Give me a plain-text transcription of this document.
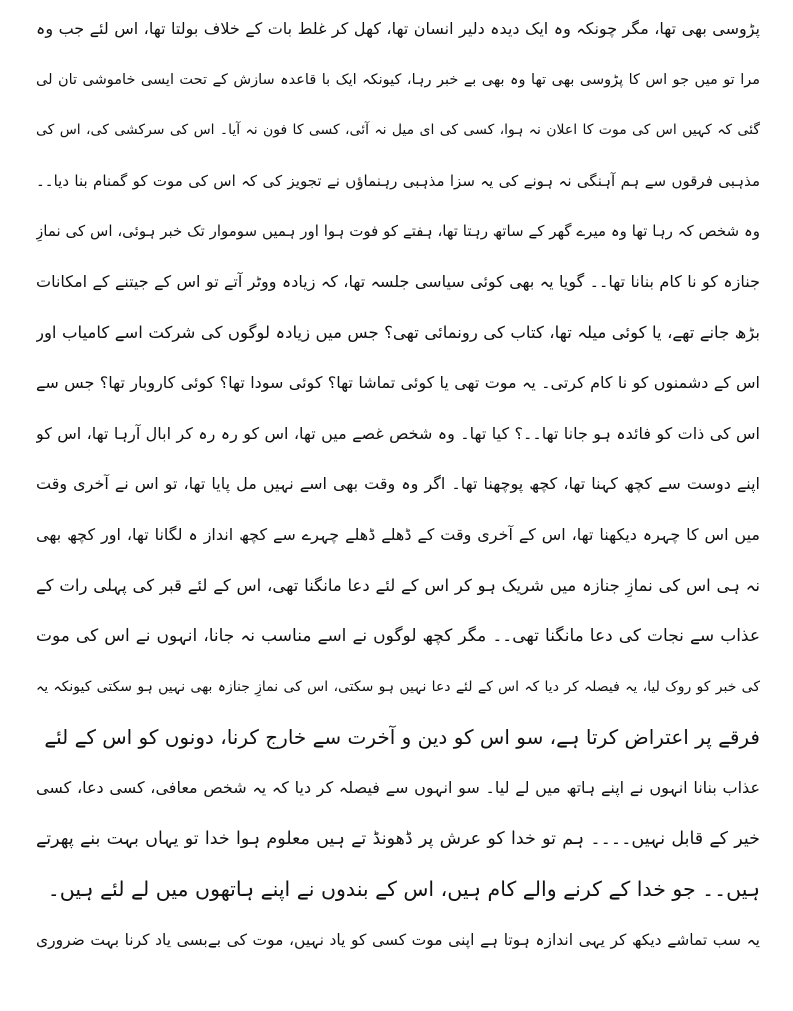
پڑوسی بھی تھا، مگر چونکہ وہ ایک دیدہ دلیر انسان تھا، کھل کر غلط بات کے خلاف بولتا تھا، اس لئے جب وہ
مرا تو میں جو اس کا پڑوسی بھی تھا وہ بھی بے خبر رہا، کیونکہ ایک با قاعدہ سازش کے تحت ایسی خاموشی تان لی
گئی کہ کہیں اس کی موت کا اعلان نہ ہوا، کسی کی ای میل نہ آئی، کسی کا فون نہ آیا۔ اس کی سرکشی کی، اس کی
مذہبی فرقوں سے ہم آہنگی نہ ہونے کی یہ سزا مذہبی رہنماؤں نے تجویز کی کہ اس کی موت کو گمنام بنا دیا۔۔
وہ شخص کہ رہا تھا وہ میرے گھر کے ساتھ رہتا تھا، ہفتے کو فوت ہوا اور ہمیں سوموار تک خبر ہوئی، اس کی نمازِ
جنازہ کو نا کام بنانا تھا۔۔ گویا یہ بھی کوئی سیاسی جلسہ تھا، کہ زیادہ ووٹر آتے تو اس کے جیتنے کے امکانات
بڑھ جانے تھے، یا کوئی میلہ تھا، کتاب کی رونمائی تھی؟ جس میں زیادہ لوگوں کی شرکت اسے کامیاب اور
اس کے دشمنوں کو نا کام کرتی۔ یہ موت تھی یا کوئی تماشا تھا؟ کوئی سودا تھا؟ کوئی کاروبار تھا؟ جس سے
اس کی ذات کو فائدہ ہو جانا تھا۔۔؟ کیا تھا۔ وہ شخص غصے میں تھا، اس کو رہ رہ کر ابال آرہا تھا، اس کو
اپنے دوست سے کچھ کہنا تھا، کچھ پوچھنا تھا۔ اگر وہ وقت بھی اسے نہیں مل پایا تھا، تو اس نے آخری وقت
میں اس کا چہرہ دیکھنا تھا، اس کے آخری وقت کے ڈھلے ڈھلے چہرے سے کچھ انداز ہ لگانا تھا، اور کچھ بھی
نہ ہی اس کی نمازِ جنازہ میں شریک ہو کر اس کے لئے دعا مانگنا تھی، اس کے لئے قبر کی پہلی رات کے
عذاب سے نجات کی دعا مانگنا تھی۔۔ مگر کچھ لوگوں نے اسے مناسب نہ جانا، انہوں نے اس کی موت
کی خبر کو روک لیا، یہ فیصلہ کر دیا کہ اس کے لئے دعا نہیں ہو سکتی، اس کی نمازِ جنازہ بھی نہیں ہو سکتی کیونکہ یہ
فرقے پر اعتراض کرتا ہے، سو اس کو دین و آخرت سے خارج کرنا، دونوں کو اس کے لئے
عذاب بنانا انہوں نے اپنے ہاتھ میں لے لیا۔ سو انہوں سے فیصلہ کر دیا کہ یہ شخص معافی، کسی دعا، کسی
خیر کے قابل نہیں۔۔۔۔ ہم تو خدا کو عرش پر ڈھونڈ تے ہیں معلوم ہوا خدا تو یہاں بہت بنے پھرتے
ہیں۔۔ جو خدا کے کرنے والے کام ہیں، اس کے بندوں نے اپنے ہاتھوں میں لے لئے ہیں۔
یہ سب تماشے دیکھ کر یہی اندازہ ہوتا ہے اپنی موت کسی کو یاد نہیں، موت کی بےبسی یاد کرنا بہت ضروری
